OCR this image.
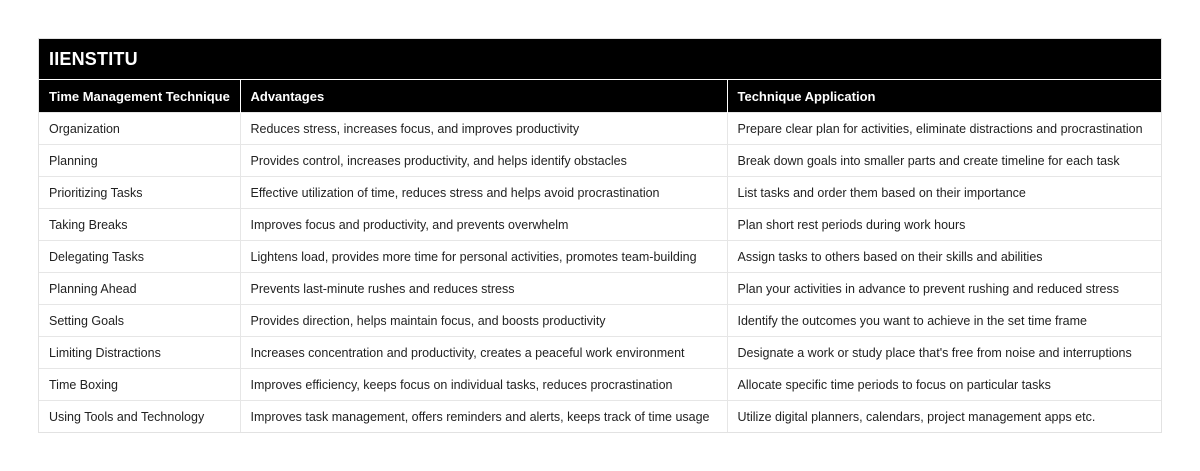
IIENSTITU
Time Management Technique	Advantages	Technique Application
Organization	Reduces stress, increases focus, and improves productivity	Prepare clear plan for activities, eliminate distractions and procrastination
Planning	Provides control, increases productivity, and helps identify obstacles	Break down goals into smaller parts and create timeline for each task
Prioritizing Tasks	Effective utilization of time, reduces stress and helps avoid procrastination	List tasks and order them based on their importance
Taking Breaks	Improves focus and productivity, and prevents overwhelm	Plan short rest periods during work hours
Delegating Tasks	Lightens load, provides more time for personal activities, promotes team-building	Assign tasks to others based on their skills and abilities
Planning Ahead	Prevents last-minute rushes and reduces stress	Plan your activities in advance to prevent rushing and reduced stress
Setting Goals	Provides direction, helps maintain focus, and boosts productivity	Identify the outcomes you want to achieve in the set time frame
Limiting Distractions	Increases concentration and productivity, creates a peaceful work environment	Designate a work or study place that's free from noise and interruptions
Time Boxing	Improves efficiency, keeps focus on individual tasks, reduces procrastination	Allocate specific time periods to focus on particular tasks
Using Tools and Technology	Improves task management, offers reminders and alerts, keeps track of time usage	Utilize digital planners, calendars, project management apps etc.
